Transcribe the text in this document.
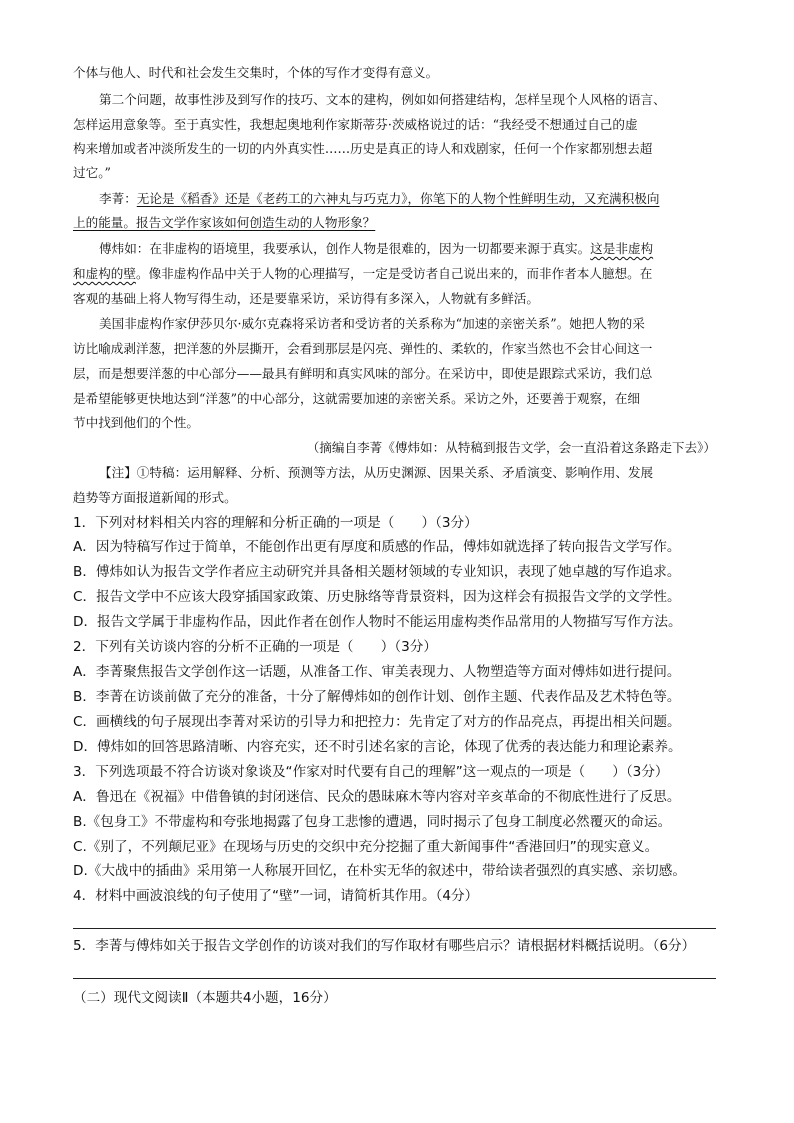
个体与他人、时代和社会发生交集时，个体的写作才变得有意义。
第二个问题，故事性涉及到写作的技巧、文本的建构，例如如何搭建结构，怎样呈现个人风格的语言、
怎样运用意象等。至于真实性，我想起奥地利作家斯蒂芬·茨威格说过的话：“我经受不想通过自己的虚
构来增加或者冲淡所发生的一切的内外真实性……历史是真正的诗人和戏剧家，任何一个作家都别想去超
过它。”
李菁：无论是《稻香》还是《老药工的六神丸与巧克力》，你笔下的人物个性鲜明生动，又充满积极向
上的能量。报告文学作家该如何创造生动的人物形象？
傅炜如：在非虚构的语境里，我要承认，创作人物是很难的，因为一切都要来源于真实。这是非虚构
和虚构的壁。像非虚构作品中关于人物的心理描写，一定是受访者自己说出来的，而非作者本人臆想。在
客观的基础上将人物写得生动，还是要靠采访，采访得有多深入，人物就有多鲜活。
美国非虚构作家伊莎贝尔·威尔克森将采访者和受访者的关系称为“加速的亲密关系”。她把人物的采
访比喻成剥洋葱，把洋葱的外层撕开，会看到那层是闪亮、弹性的、柔软的，作家当然也不会甘心间这一
层，而是想要洋葱的中心部分——最具有鲜明和真实风味的部分。在采访中，即使是跟踪式采访，我们总
是希望能够更快地达到“洋葱”的中心部分，这就需要加速的亲密关系。采访之外，还要善于观察，在细
节中找到他们的个性。
（摘编自李菁《傅炜如：从特稿到报告文学，会一直沿着这条路走下去》）
【注】①特稿：运用解释、分析、预测等方法，从历史渊源、因果关系、矛盾演变、影响作用、发展
趋势等方面报道新闻的形式。
1．下列对材料相关内容的理解和分析正确的一项是（　　）（3分）
A．因为特稿写作过于简单，不能创作出更有厚度和质感的作品，傅炜如就选择了转向报告文学写作。
B．傅炜如认为报告文学作者应主动研究并具备相关题材领域的专业知识，表现了她卓越的写作追求。
C．报告文学中不应该大段穿插国家政策、历史脉络等背景资料，因为这样会有损报告文学的文学性。
D．报告文学属于非虚构作品，因此作者在创作人物时不能运用虚构类作品常用的人物描写写作方法。
2．下列有关访谈内容的分析不正确的一项是（　　）（3分）
A．李菁聚焦报告文学创作这一话题，从准备工作、审美表现力、人物塑造等方面对傅炜如进行提问。
B．李菁在访谈前做了充分的准备，十分了解傅炜如的创作计划、创作主题、代表作品及艺术特色等。
C．画横线的句子展现出李菁对采访的引导力和把控力：先肯定了对方的作品亮点，再提出相关问题。
D．傅炜如的回答思路清晰、内容充实，还不时引述名家的言论，体现了优秀的表达能力和理论素养。
3．下列选项最不符合访谈对象谈及“作家对时代要有自己的理解”这一观点的一项是（　　）（3分）
A．鲁迅在《祝福》中借鲁镇的封闭迷信、民众的愚昧麻木等内容对辛亥革命的不彻底性进行了反思。
B.《包身工》不带虚构和夸张地揭露了包身工悲惨的遭遇，同时揭示了包身工制度必然覆灭的命运。
C.《别了，不列颠尼亚》在现场与历史的交织中充分挖掘了重大新闻事件“香港回归”的现实意义。
D.《大战中的插曲》采用第一人称展开回忆，在朴实无华的叙述中，带给读者强烈的真实感、亲切感。
4．材料中画波浪线的句子使用了“壁”一词，请简析其作用。（4分）
5．李菁与傅炜如关于报告文学创作的访谈对我们的写作取材有哪些启示？请根据材料概括说明。（6分）
（二）现代文阅读Ⅱ（本题共4小题，16分）
